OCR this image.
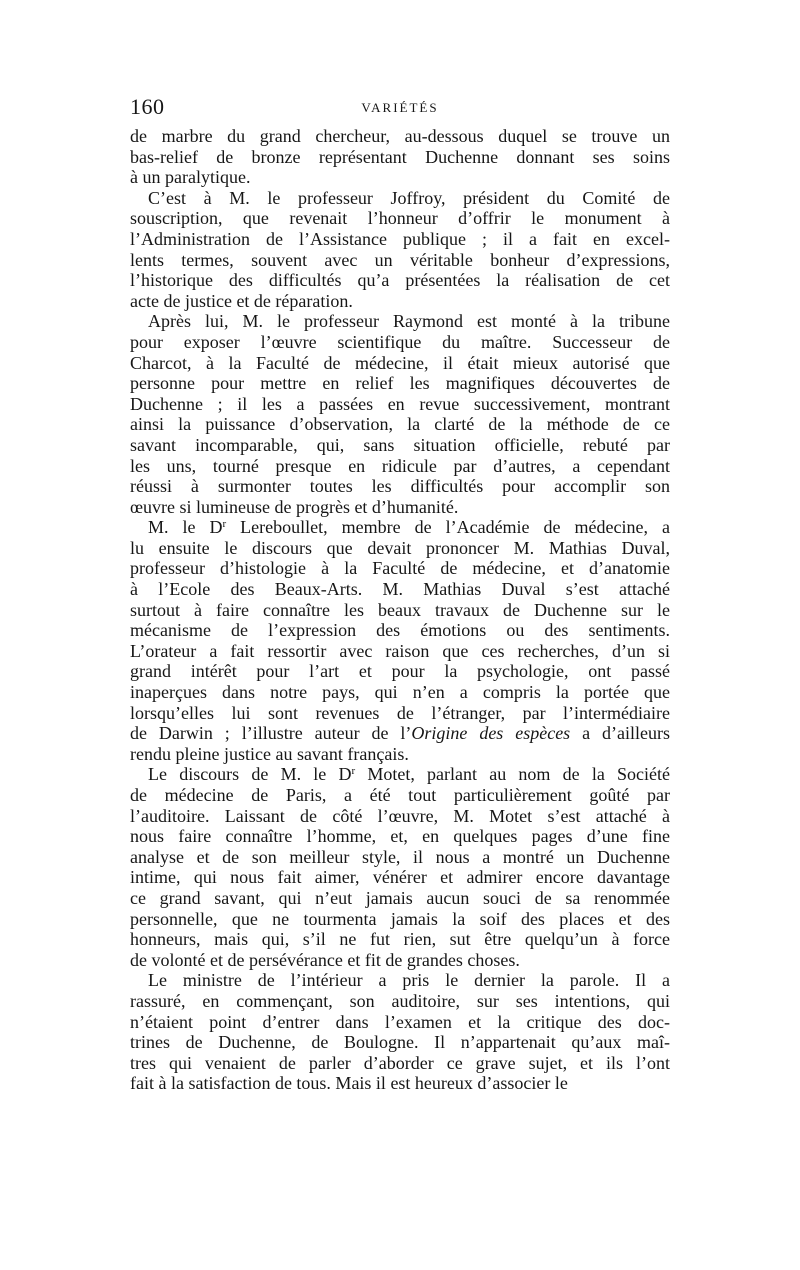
160	VARIÉTÉS
de marbre du grand chercheur, au-dessous duquel se trouve un
bas-relief de bronze représentant Duchenne donnant ses soins
à un paralytique.
C’est à M. le professeur Joffroy, président du Comité de
souscription, que revenait l’honneur d’offrir le monument à
l’Administration de l’Assistance publique ; il a fait en excel-
lents termes, souvent avec un véritable bonheur d’expressions,
l’historique des difficultés qu’a présentées la réalisation de cet
acte de justice et de réparation.
Après lui, M. le professeur Raymond est monté à la tribune
pour exposer l’œuvre scientifique du maître. Successeur de
Charcot, à la Faculté de médecine, il était mieux autorisé que
personne pour mettre en relief les magnifiques découvertes de
Duchenne ; il les a passées en revue successivement, montrant
ainsi la puissance d’observation, la clarté de la méthode de ce
savant incomparable, qui, sans situation officielle, rebuté par
les uns, tourné presque en ridicule par d’autres, a cependant
réussi à surmonter toutes les difficultés pour accomplir son
œuvre si lumineuse de progrès et d’humanité.
M. le $D^r$ Lereboullet, membre de l’Académie de médecine, a
lu ensuite le discours que devait prononcer M. Mathias Duval,
professeur d’histologie à la Faculté de médecine, et d’anatomie
à l’Ecole des Beaux-Arts. M. Mathias Duval s’est attaché
surtout à faire connaître les beaux travaux de Duchenne sur le
mécanisme de l’expression des émotions ou des sentiments.
L’orateur a fait ressortir avec raison que ces recherches, d’un si
grand intérêt pour l’art et pour la psychologie, ont passé
inaperçues dans notre pays, qui n’en a compris la portée que
lorsqu’elles lui sont revenues de l’étranger, par l’intermédiaire
de Darwin ; l’illustre auteur de l’Origine des espèces a d’ailleurs
rendu pleine justice au savant français.
Le discours de M. le $D^r$ Motet, parlant au nom de la Société
de médecine de Paris, a été tout particulièrement goûté par
l’auditoire. Laissant de côté l’œuvre, M. Motet s’est attaché à
nous faire connaître l’homme, et, en quelques pages d’une fine
analyse et de son meilleur style, il nous a montré un Duchenne
intime, qui nous fait aimer, vénérer et admirer encore davantage
ce grand savant, qui n’eut jamais aucun souci de sa renommée
personnelle, que ne tourmenta jamais la soif des places et des
honneurs, mais qui, s’il ne fut rien, sut être quelqu’un à force
de volonté et de persévérance et fit de grandes choses.
Le ministre de l’intérieur a pris le dernier la parole. Il a
rassuré, en commençant, son auditoire, sur ses intentions, qui
n’étaient point d’entrer dans l’examen et la critique des doc-
trines de Duchenne, de Boulogne. Il n’appartenait qu’aux maî-
tres qui venaient de parler d’aborder ce grave sujet, et ils l’ont
fait à la satisfaction de tous. Mais il est heureux d’associer le
